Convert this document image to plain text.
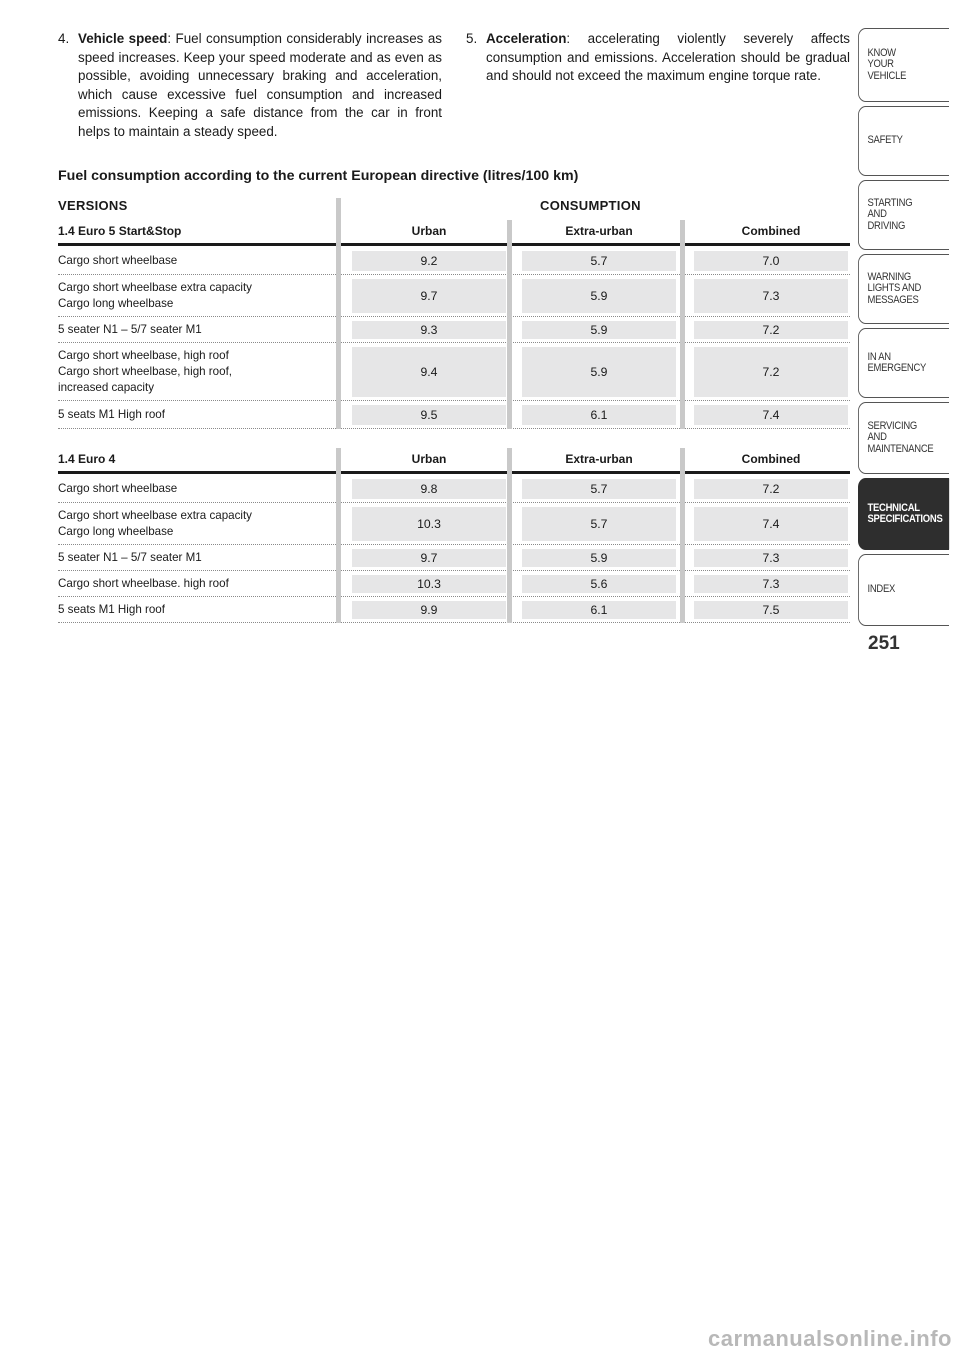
4. Vehicle speed: Fuel consumption considerably increases as speed increases. Keep your speed moderate and as even as possible, avoiding unnecessary braking and acceleration, which cause excessive fuel consumption and increased emissions. Keeping a safe distance from the car in front helps to maintain a steady speed.
5. Acceleration: accelerating violently severely affects consumption and emissions. Acceleration should be gradual and should not exceed the maximum engine torque rate.
Fuel consumption according to the current European directive (litres/100 km)
VERSIONS	CONSUMPTION
1.4 Euro 5 Start&Stop	Urban	Extra-urban	Combined
Cargo short wheelbase	9.2	5.7	7.0
Cargo short wheelbase extra capacity
Cargo long wheelbase
9.7	5.9	7.3
5 seater N1 – 5/7 seater M1	9.3	5.9	7.2
Cargo short wheelbase, high roof
Cargo short wheelbase, high roof,
increased capacity
9.4	5.9	7.2
5 seats M1 High roof	9.5	6.1	7.4
1.4 Euro 4	Urban	Extra-urban	Combined
Cargo short wheelbase	9.8	5.7	7.2
Cargo short wheelbase extra capacity
Cargo long wheelbase
10.3	5.7	7.4
5 seater N1 – 5/7 seater M1	9.7	5.9	7.3
Cargo short wheelbase. high roof	10.3	5.6	7.3
5 seats M1 High roof	9.9	6.1	7.5
KNOW
YOUR
VEHICLE
SAFETY
STARTING
AND
DRIVING
WARNING
LIGHTS AND
MESSAGES
IN AN
EMERGENCY
SERVICING
AND
MAINTENANCE
TECHNICAL
SPECIFICATIONS
INDEX
251
carmanualsonline.info
